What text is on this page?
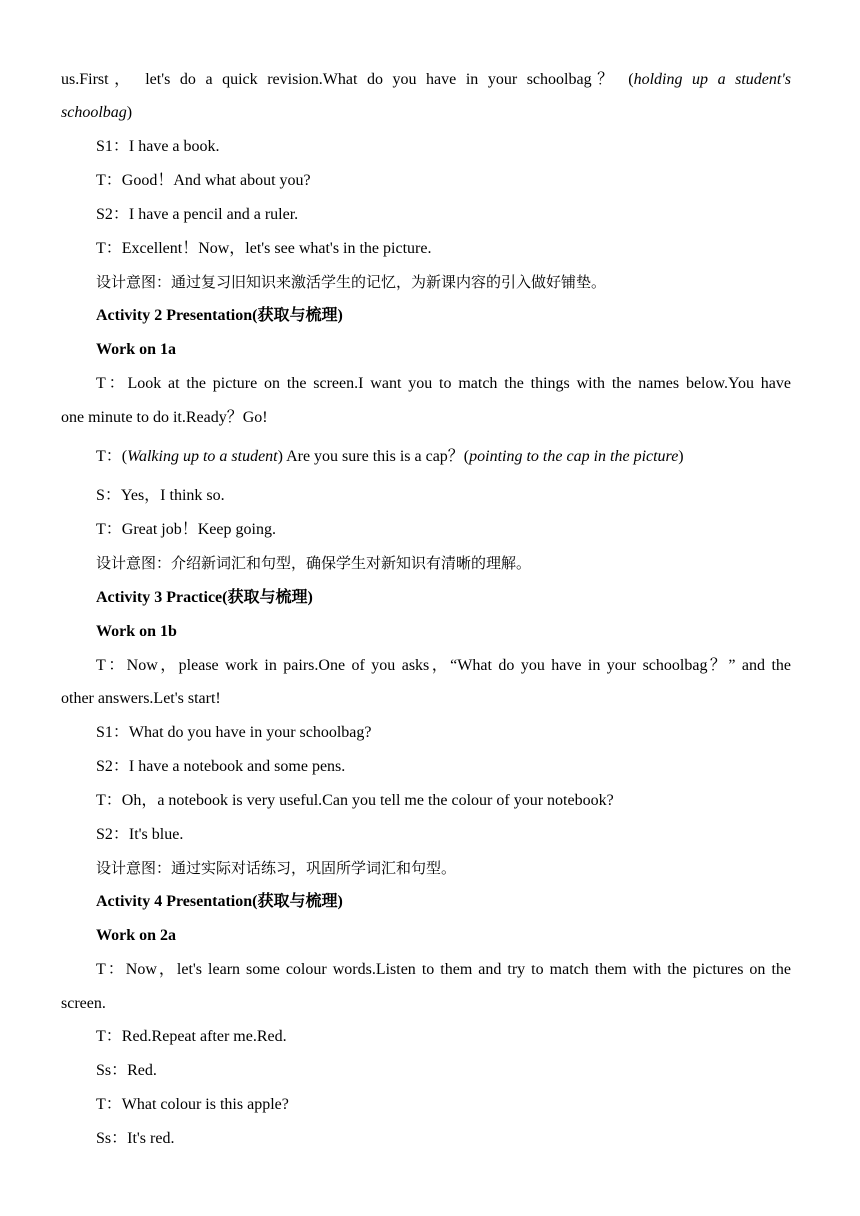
us.First， let's do a quick revision.What do you have in your schoolbag？ (holding up a student's
schoolbag)
S1：I have a book.
T：Good！And what about you?
S2：I have a pencil and a ruler.
T：Excellent！Now，let's see what's in the picture.
设计意图：通过复习旧知识来激活学生的记忆，为新课内容的引入做好铺垫。
Activity 2 Presentation(获取与梳理)
Work on 1a
T：Look at the picture on the screen.I want you to match the things with the names below.You have
one minute to do it.Ready？Go!
T：(Walking up to a student) Are you sure this is a cap？(pointing to the cap in the picture)
S：Yes，I think so.
T：Great job！Keep going.
设计意图：介绍新词汇和句型，确保学生对新知识有清晰的理解。
Activity 3 Practice(获取与梳理)
Work on 1b
T：Now，please work in pairs.One of you asks，“What do you have in your schoolbag？” and the
other answers.Let's start!
S1：What do you have in your schoolbag?
S2：I have a notebook and some pens.
T：Oh，a notebook is very useful.Can you tell me the colour of your notebook?
S2：It's blue.
设计意图：通过实际对话练习，巩固所学词汇和句型。
Activity 4 Presentation(获取与梳理)
Work on 2a
T：Now，let's learn some colour words.Listen to them and try to match them with the pictures on the
screen.
T：Red.Repeat after me.Red.
Ss：Red.
T：What colour is this apple?
Ss：It's red.
